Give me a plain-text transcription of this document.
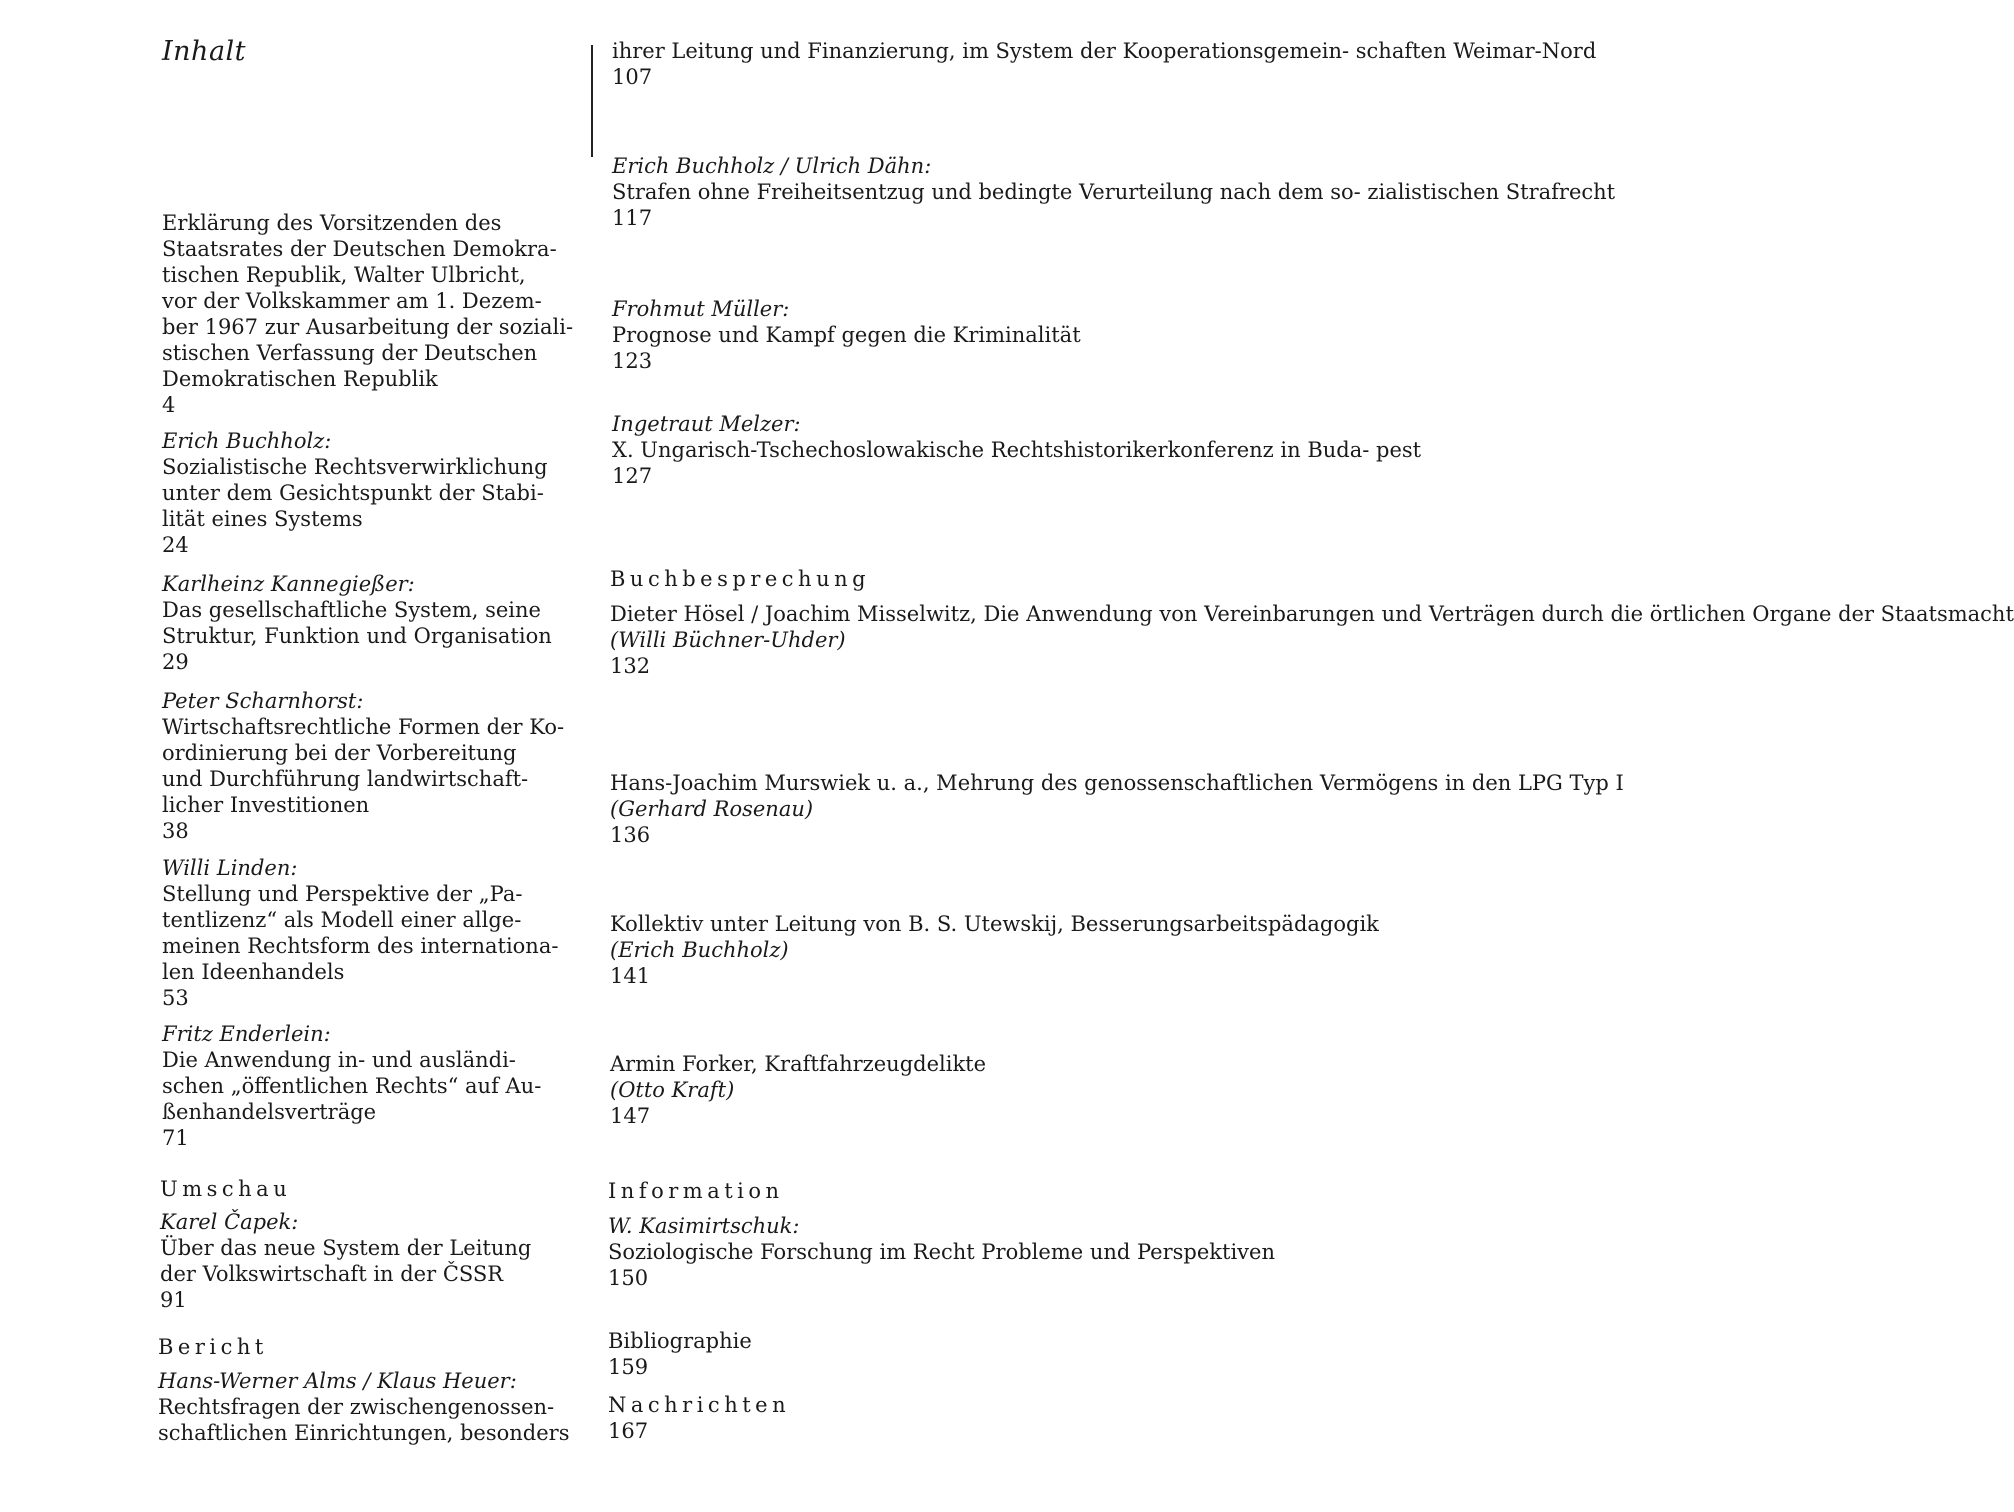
Inhalt
Erklärung des Vorsitzenden des
Staatsrates der Deutschen Demokra-
tischen Republik, Walter Ulbricht,
vor der Volkskammer am 1. Dezem-
ber 1967 zur Ausarbeitung der soziali-
stischen Verfassung der Deutschen
Demokratischen Republik
4
Erich Buchholz:
Sozialistische Rechtsverwirklichung
unter dem Gesichtspunkt der Stabi-
lität eines Systems
24
Karlheinz Kannegießer:
Das gesellschaftliche System, seine
Struktur, Funktion und Organisation
29
Peter Scharnhorst:
Wirtschaftsrechtliche Formen der Ko-
ordinierung bei der Vorbereitung
und Durchführung landwirtschaft-
licher Investitionen
38
Willi Linden:
Stellung und Perspektive der „Pa-
tentlizenz“ als Modell einer allge-
meinen Rechtsform des internationa-
len Ideenhandels
53
Fritz Enderlein:
Die Anwendung in- und ausländi-
schen „öffentlichen Rechts“ auf Au-
ßenhandelsverträge
71
Umschau
Karel Čapek:
Über das neue System der Leitung
der Volkswirtschaft in der ČSSR
91
Bericht
Hans-Werner Alms / Klaus Heuer:
Rechtsfragen der zwischengenossen-
schaftlichen Einrichtungen, besonders
ihrer Leitung und Finanzierung, im System der Kooperationsgemein- schaften Weimar-Nord
107
Erich Buchholz / Ulrich Dähn:
Strafen ohne Freiheitsentzug und bedingte Verurteilung nach dem so- zialistischen Strafrecht
117
Frohmut Müller:
Prognose und Kampf gegen die Kriminalität
123
Ingetraut Melzer:
X. Ungarisch-Tschechoslowakische Rechtshistorikerkonferenz in Buda- pest
127
Buchbesprechung
Dieter Hösel / Joachim Misselwitz, Die Anwendung von Vereinbarungen und Verträgen durch die örtlichen Organe der Staatsmacht
(Willi Büchner-Uhder)
132
Hans-Joachim Murswiek u. a., Mehrung des genossenschaftlichen Vermögens in den LPG Typ I
(Gerhard Rosenau)
136
Kollektiv unter Leitung von B. S. Utewskij, Besserungsarbeitspädagogik
(Erich Buchholz)
141
Armin Forker, Kraftfahrzeugdelikte
(Otto Kraft)
147
Information
W. Kasimirtschuk:
Soziologische Forschung im Recht Probleme und Perspektiven
150
Bibliographie
159
Nachrichten
167
